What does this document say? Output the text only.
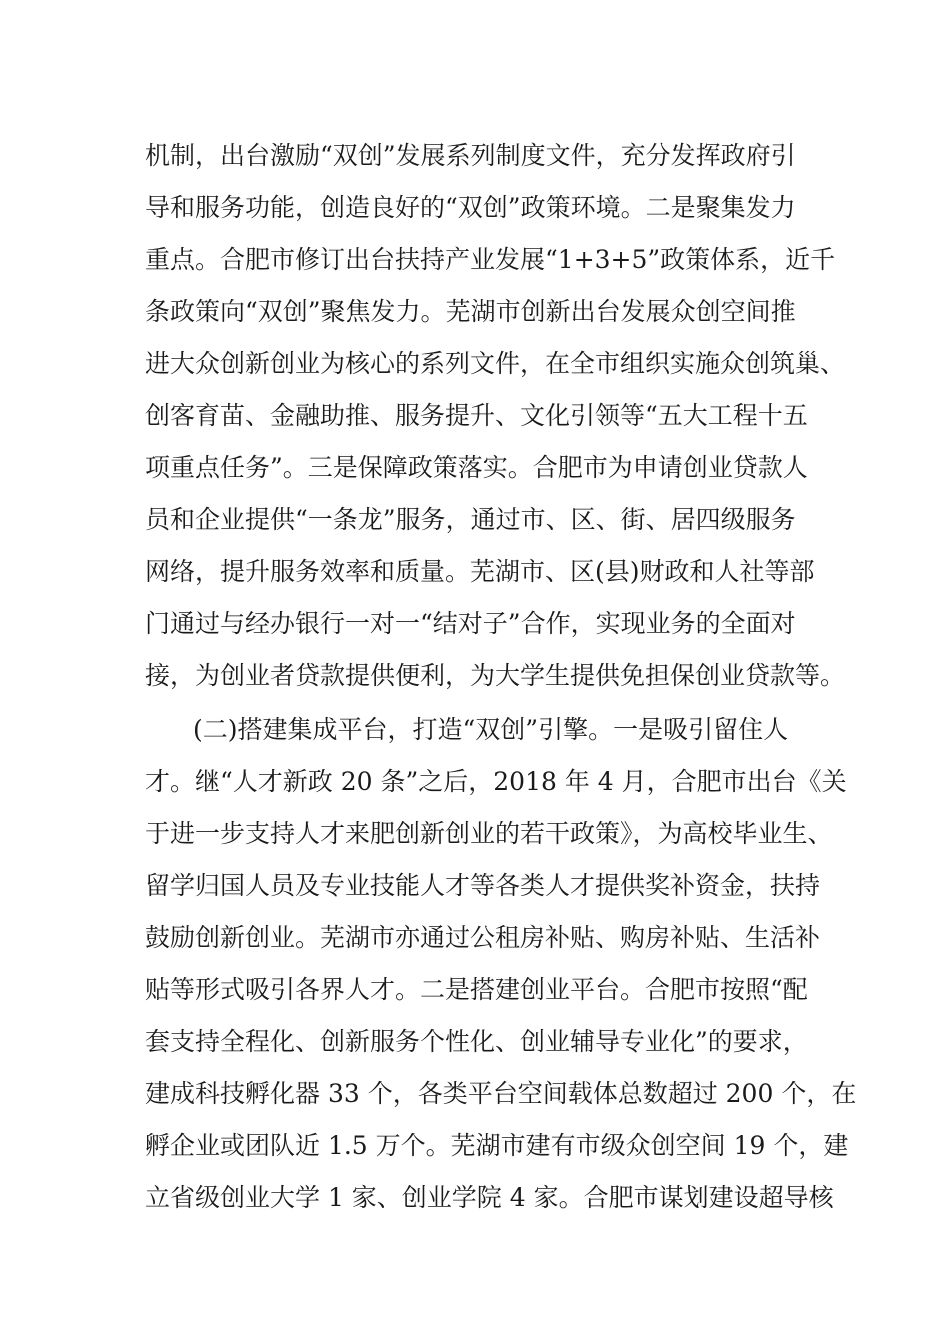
机制，出台激励“双创”发展系列制度文件，充分发挥政府引
导和服务功能，创造良好的“双创”政策环境。二是聚集发力
重点。合肥市修订出台扶持产业发展“1+3+5”政策体系，近千
条政策向“双创”聚焦发力。芜湖市创新出台发展众创空间推
进大众创新创业为核心的系列文件，在全市组织实施众创筑巢、
创客育苗、金融助推、服务提升、文化引领等“五大工程十五
项重点任务”。三是保障政策落实。合肥市为申请创业贷款人
员和企业提供“一条龙”服务，通过市、区、街、居四级服务
网络，提升服务效率和质量。芜湖市、区(县)财政和人社等部
门通过与经办银行一对一“结对子”合作，实现业务的全面对
接，为创业者贷款提供便利，为大学生提供免担保创业贷款等。
(二)搭建集成平台，打造“双创”引擎。一是吸引留住人
才。继“人才新政 20 条”之后，2018 年 4 月，合肥市出台《关
于进一步支持人才来肥创新创业的若干政策》，为高校毕业生、
留学归国人员及专业技能人才等各类人才提供奖补资金，扶持
鼓励创新创业。芜湖市亦通过公租房补贴、购房补贴、生活补
贴等形式吸引各界人才。二是搭建创业平台。合肥市按照“配
套支持全程化、创新服务个性化、创业辅导专业化”的要求，
建成科技孵化器 33 个，各类平台空间载体总数超过 200 个，在
孵企业或团队近 1.5 万个。芜湖市建有市级众创空间 19 个，建
立省级创业大学 1 家、创业学院 4 家。合肥市谋划建设超导核
